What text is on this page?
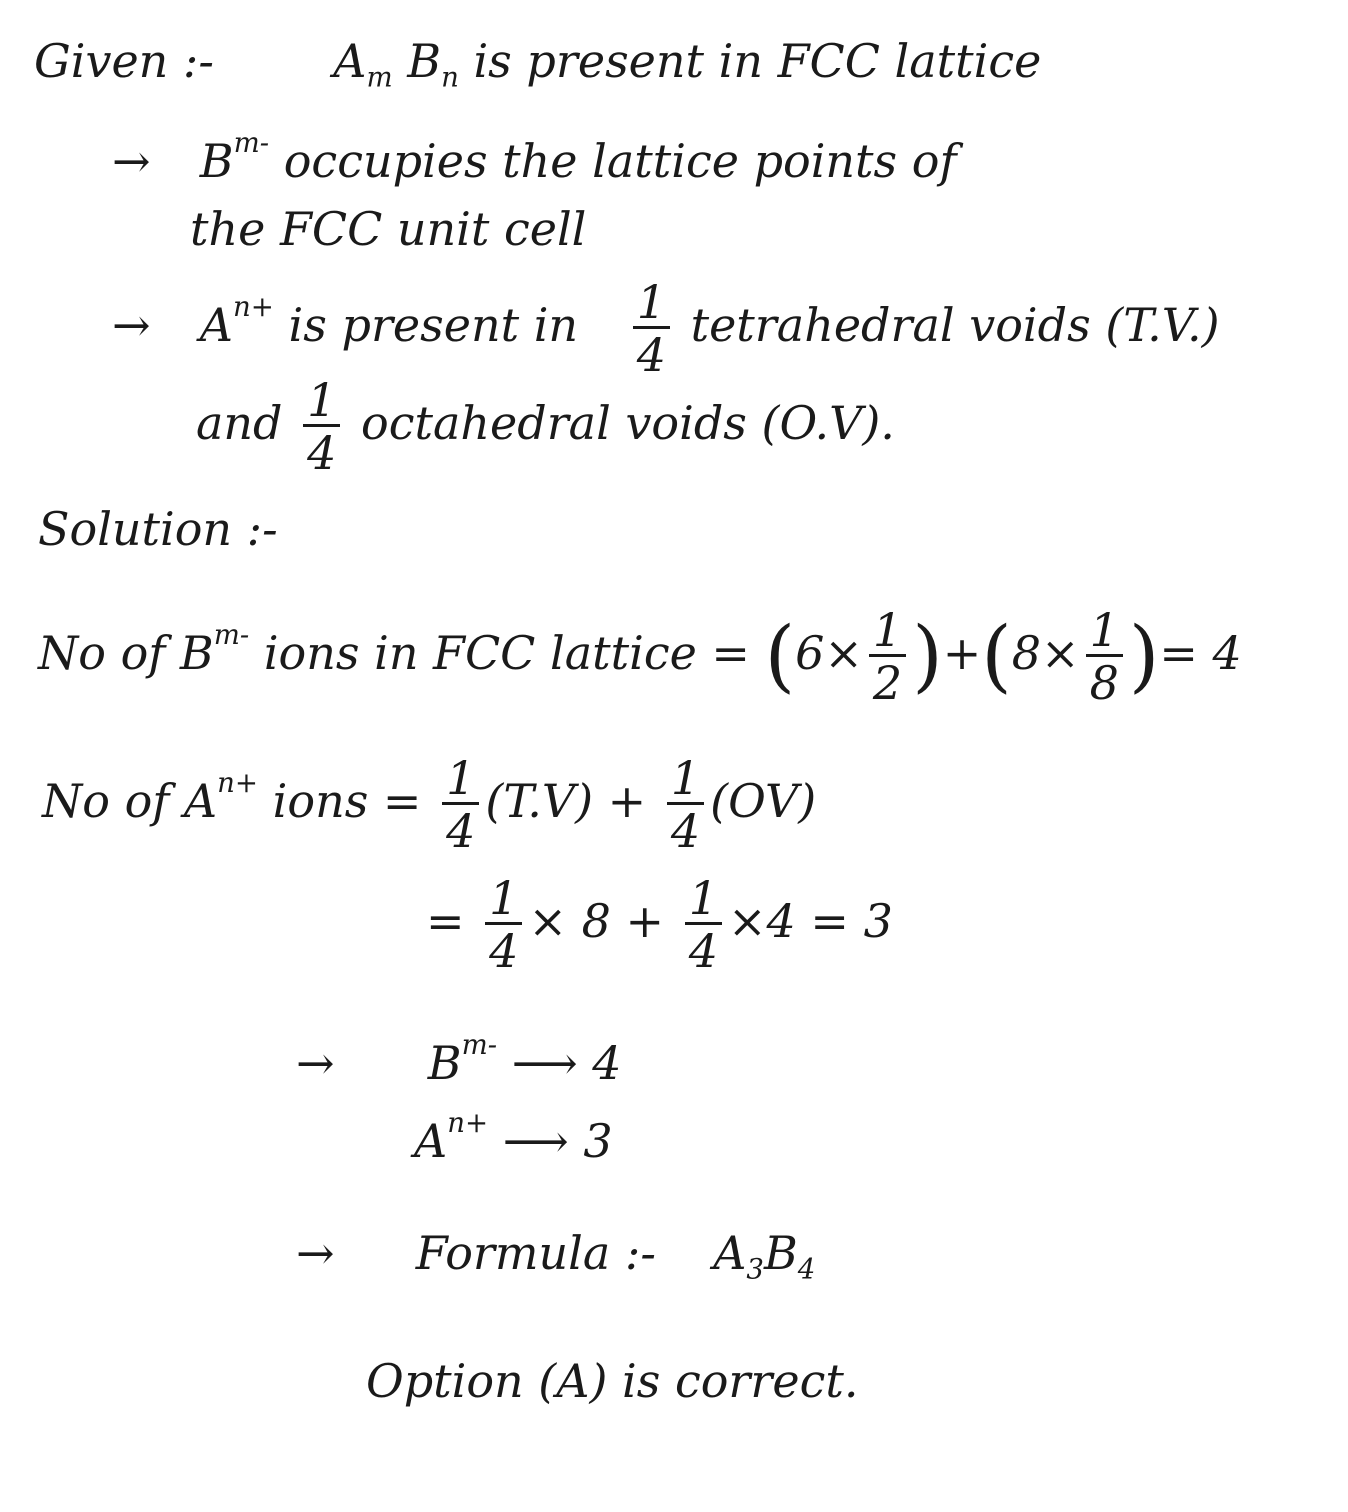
Given :-	$A_m$ $B_n$ is present in FCC lattice
→ $B^{m-}$ occupies the lattice points of
the FCC unit cell
→ $A^{n+}$ is present in $\frac{1}{4}$ tetrahedral voids (T.V.)
and $\frac{1}{4}$ octahedral voids (O.V).
Solution :-
No of $B^{m-}$ ions in FCC lattice = $(6\times \frac{1}{2} )+(8\times \frac{1}{8}$ )= 4
No of $A^{n+}$ ions = $\frac{1}{4} (T.V) + \frac{1}{4} (OV)$
= $\frac{1}{4} \times 8 + \frac{1}{4} \times 4 = 3$
→ $B^{m-}$ ⟶ 4
$A^{n+}$ ⟶ 3
→ Formula :- $A_3B_4$
Option (A) is correct.
